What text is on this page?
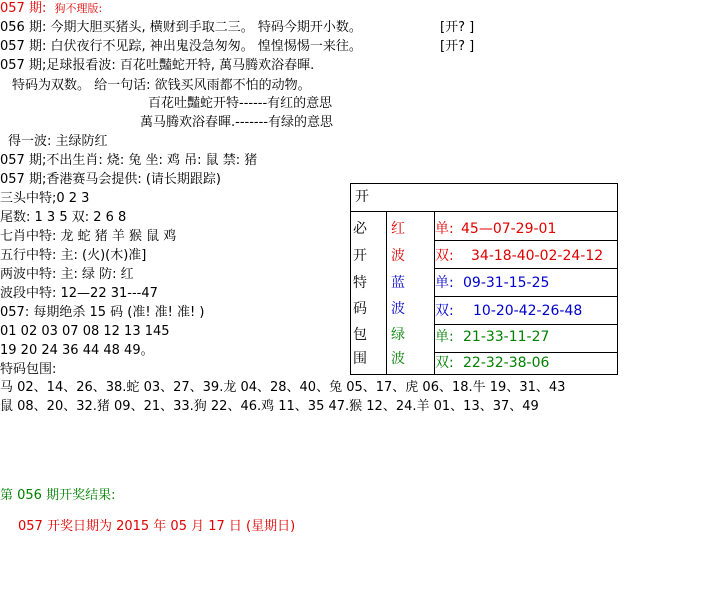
057 期: 狗不理版:
056 期: 今期大胆买猪头, 横财到手取二三。 特码今期开小数。	[开? ]
057 期: 白伏夜行不见踪, 神出鬼没急匆匆。 惶惶惕惕一来往。	[开? ]
057 期;足球报看波: 百花吐豔蛇开特, 萬马腾欢浴春暉.
特码为双数。 给一句话: 欲钱买风雨都不怕的动物。
百花吐豔蛇开特------有红的意思
萬马腾欢浴春暉.-------有绿的意思
得一波: 主绿防红
057 期;不出生肖: 烧: 兔 坐: 鸡 吊: 鼠 禁: 猪
057 期;香港赛马会提供: (请长期跟踪)
三头中特;0 2 3
尾数: 1 3 5 双: 2 6 8
七肖中特: 龙 蛇 猪 羊 猴 鼠 鸡
五行中特: 主: (火)(木)准]
两波中特: 主: 绿 防: 红
波段中特: 12—22 31---47
057: 每期绝杀 15 码 (准! 准! 准! )
01 02 03 07 08 12 13 145
19 20 24 36 44 48 49。
特码包围:
马 02、14、26、38.蛇 03、27、39.龙 04、28、40、兔 05、17、虎 06、18.牛 19、31、43
鼠 08、20、32.猪 09、21、33.狗 22、46.鸡 11、35 47.猴 12、24.羊 01、13、37、49
第 056 期开奖结果:
057 开奖日期为 2015 年 05 月 17 日 (星期日)
开
必
开
特
码
包
围
红
波
蓝
波
绿
波
单: 45—07-29-01
双: 34-18-40-02-24-12
单: 09-31-15-25
双: 10-20-42-26-48
单: 21-33-11-27
双: 22-32-38-06
